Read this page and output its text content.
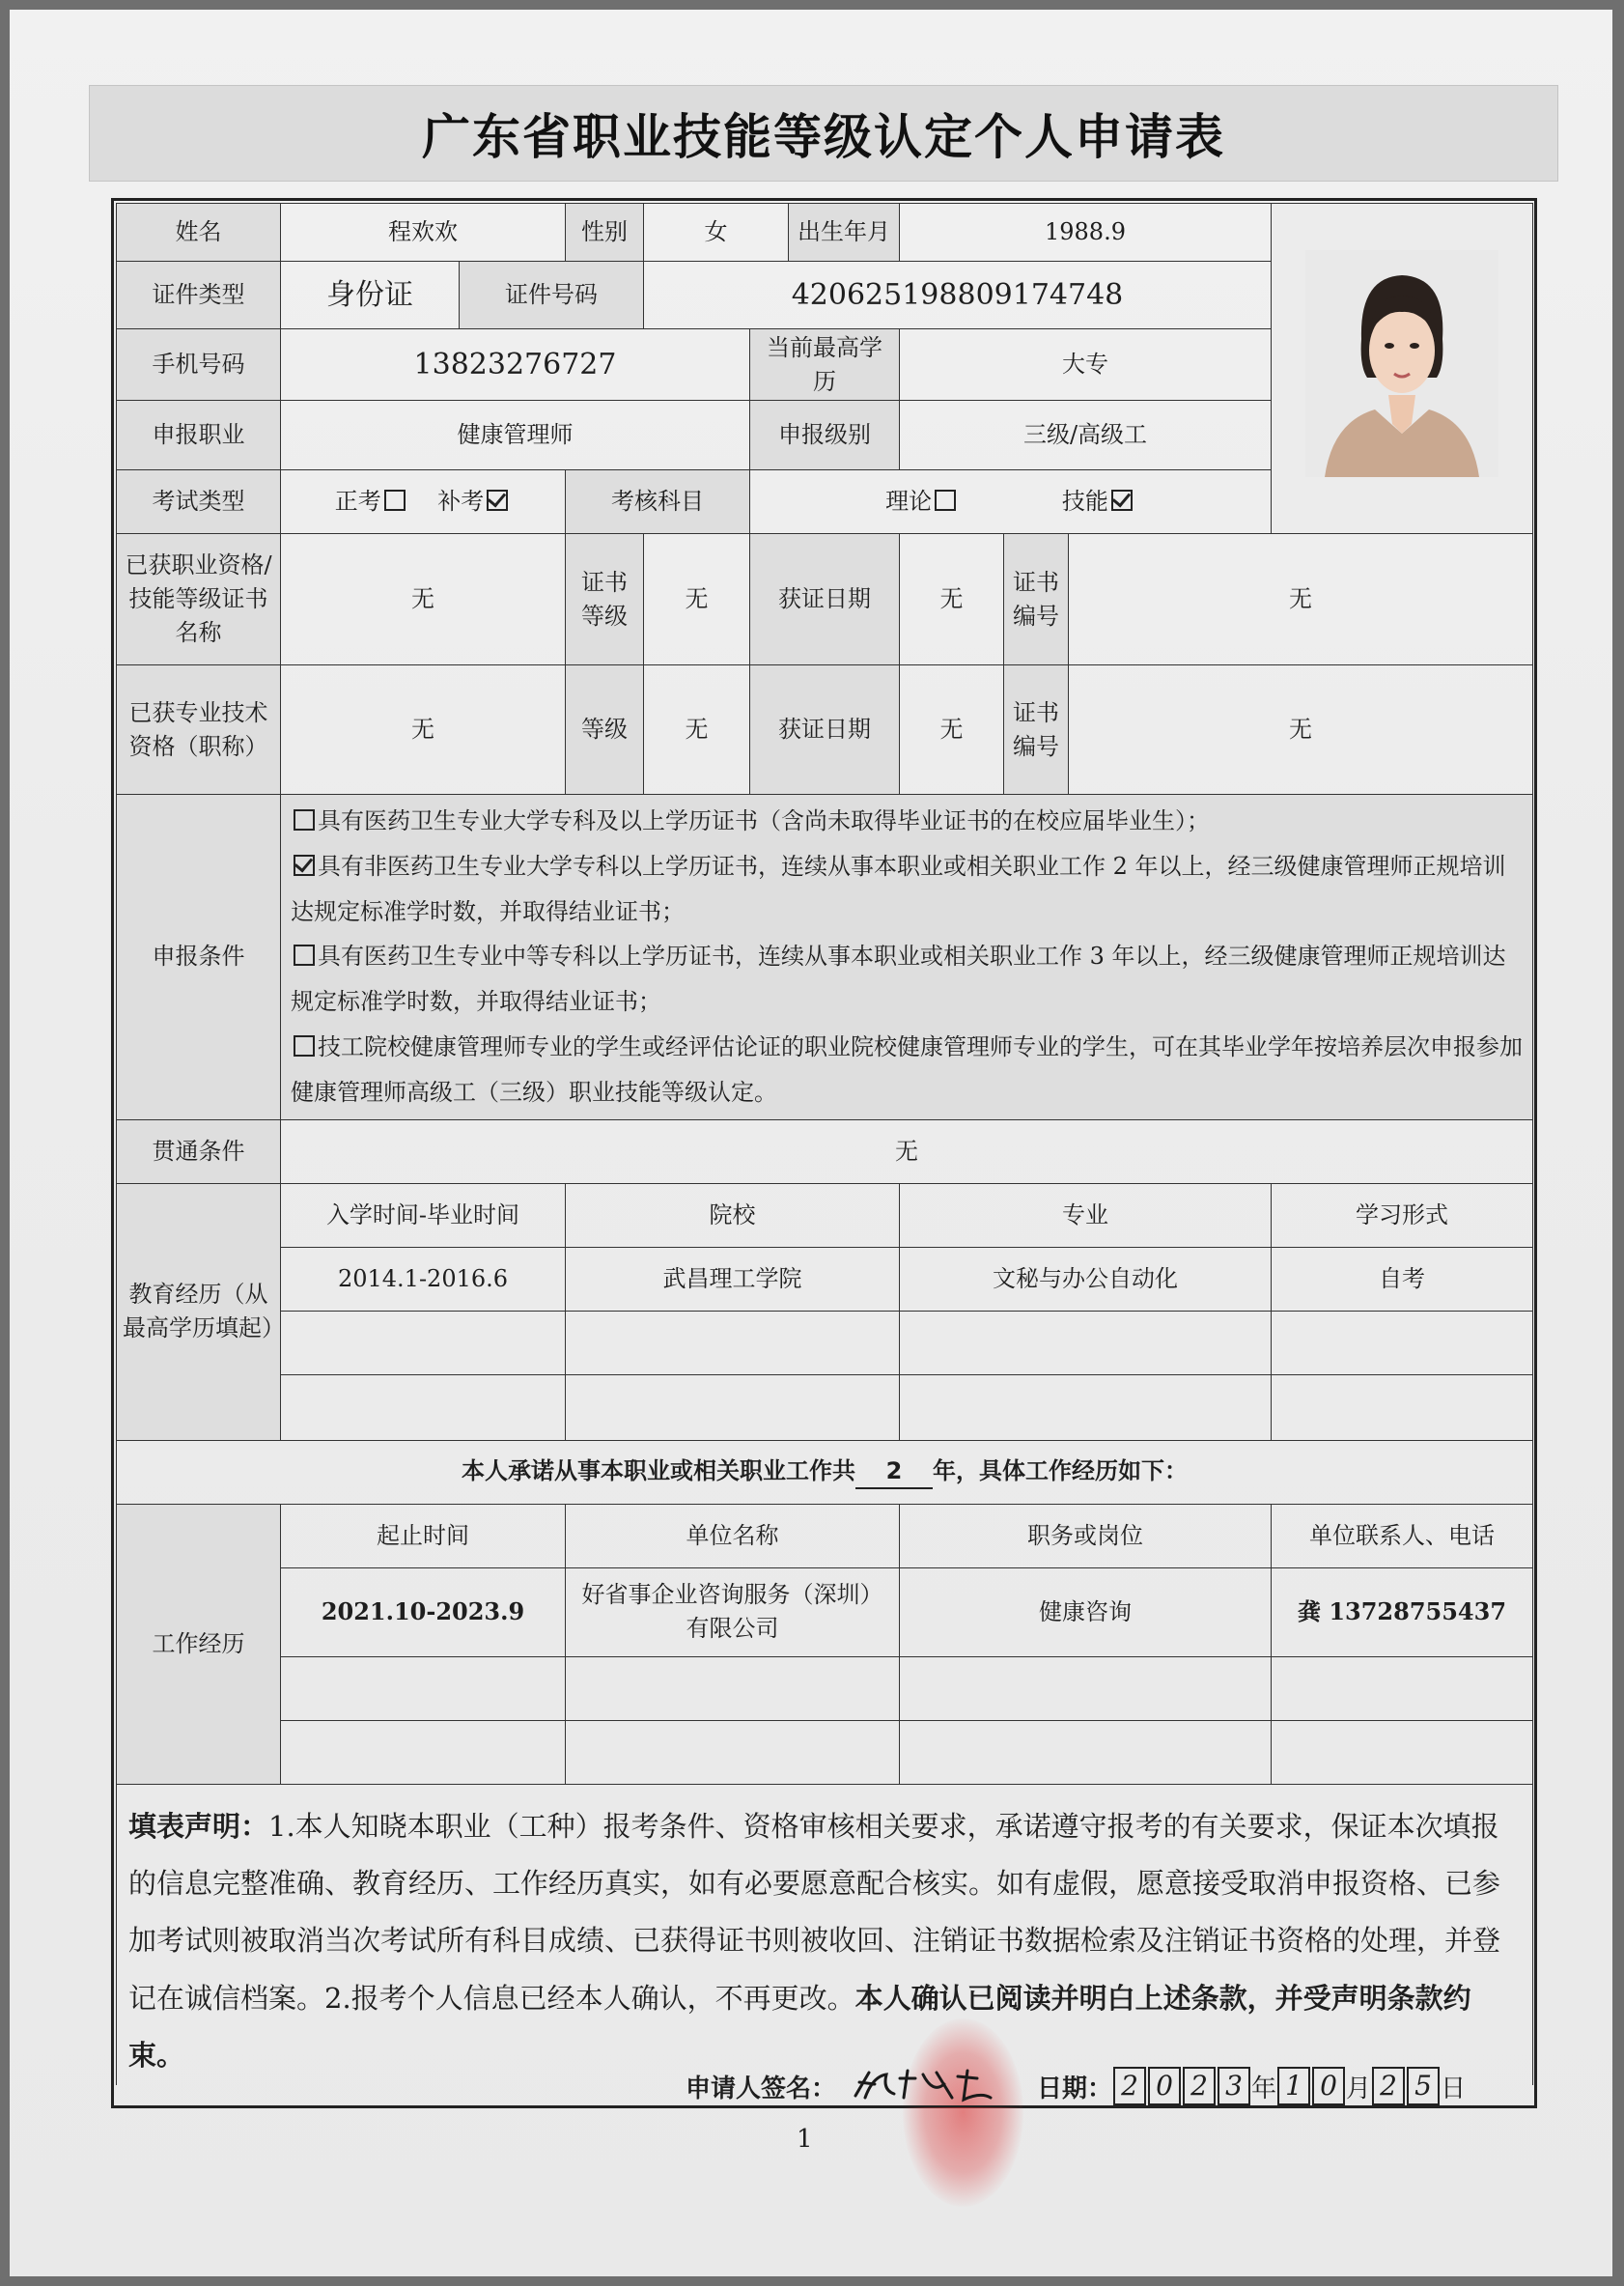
广东省职业技能等级认定个人申请表
姓名	程欢欢		性别	女		出生年月	1988.9	
证件类型	身份证	证件号码		420625198809174748						
手机号码	13823276727				当前最高学历		大专			
申报职业	健康管理师				申报级别		三级/高级工			
考试类型	正考 补考		考核科目		理论 技能					
已获职业资格/技能等级证书名称	无		证书等级	无	获证日期		无	证书编号	无	
已获专业技术资格（职称）	无		等级	无	获证日期		无	证书编号	无	
申报条件	具有医药卫生专业大学专科及以上学历证书（含尚未取得毕业证书的在校应届毕业生）；
具有非医药卫生专业大学专科以上学历证书，连续从事本职业或相关职业工作 2 年以上，经三级健康管理师正规培训达规定标准学时数，并取得结业证书；
具有医药卫生专业中等专科以上学历证书，连续从事本职业或相关职业工作 3 年以上，经三级健康管理师正规培训达规定标准学时数，并取得结业证书；
技工院校健康管理师专业的学生或经评估论证的职业院校健康管理师专业的学生，可在其毕业学年按培养层次申报参加健康管理师高级工（三级）职业技能等级认定。									

贯通条件	无									
教育经历（从最高学历填起）	入学时间-毕业时间		院校				专业			学习形式
	2014.1-2016.6		武昌理工学院				文秘与办公自动化			自考

本人承诺从事本职业或相关职业工作共 2 年，具体工作经历如下：										
工作经历	起止时间		单位名称				职务或岗位			单位联系人、电话
	2021.10-2023.9		好省事企业咨询服务（深圳）有限公司				健康咨询			龚 13728755437

填表声明：1.本人知晓本职业（工种）报考条件、资格审核相关要求，承诺遵守报考的有关要求，保证本次填报的信息完整准确、教育经历、工作经历真实，如有必要愿意配合核实。如有虚假，愿意接受取消申报资格、已参加考试则被取消当次考试所有科目成绩、已获得证书则被收回、注销证书数据检索及注销证书资格的处理，并登记在诚信档案。2.报考个人信息已经本人确认，不再更改。本人确认已阅读并明白上述条款，并受声明条款约束。										
申请人签名：	日期： 2 0 2 3 年 1 0 月 2 5 日
1
